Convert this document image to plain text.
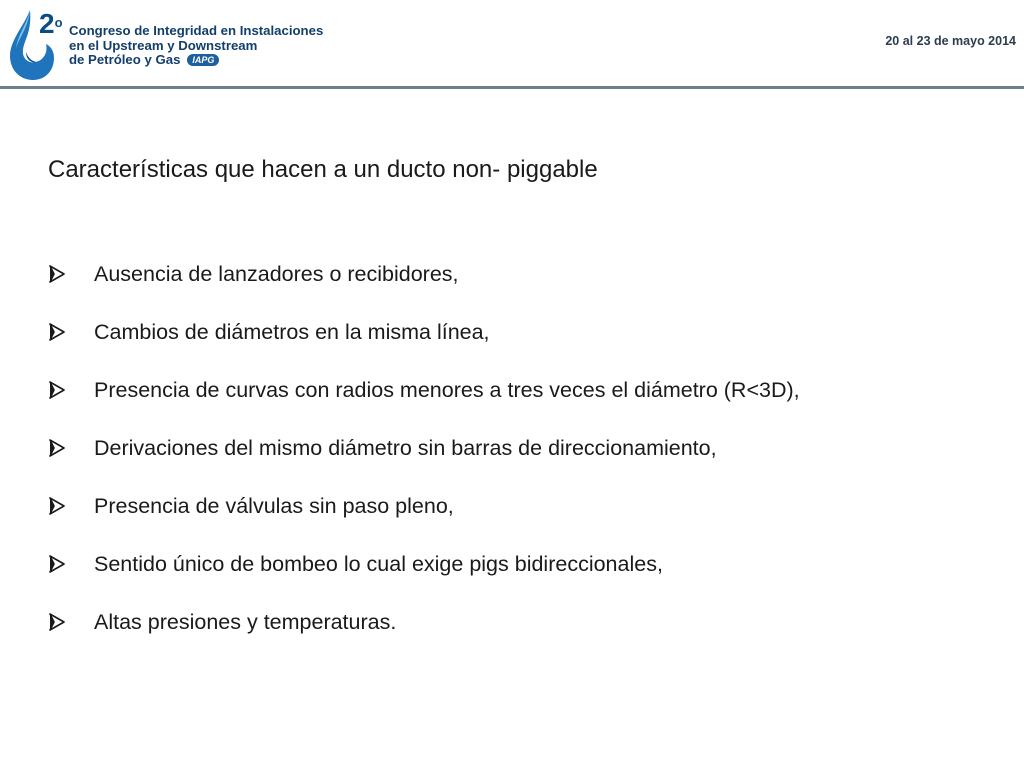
2$^o$
Congreso de Integridad en Instalaciones
en el Upstream y Downstream
de Petróleo y Gas IAPG
20 al 23 de mayo 2014
Características que hacen a un ducto non- piggable
Ausencia de lanzadores o recibidores,
Cambios de diámetros en la misma línea,
Presencia de curvas con radios menores a tres veces el diámetro (R<3D),
Derivaciones del mismo diámetro sin barras de direccionamiento,
Presencia de válvulas sin paso pleno,
Sentido único de bombeo lo cual exige pigs bidireccionales,
Altas presiones y temperaturas.
